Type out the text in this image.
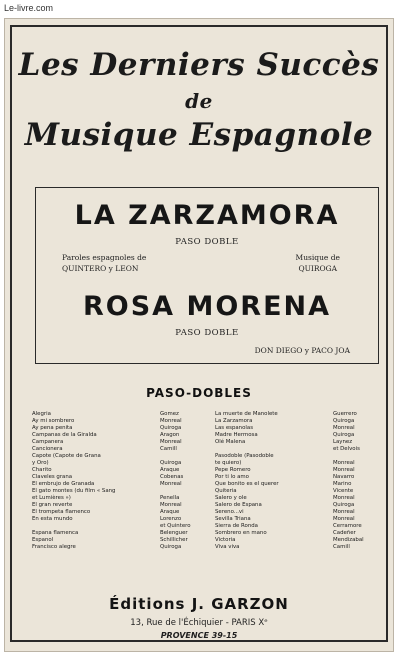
Le-livre.com
Les Derniers Succès
de
Musique Espagnole
LA ZARZAMORA
PASO DOBLE
Paroles espagnoles de
QUINTERO y LEON
Musique de
QUIROGA
ROSA MORENA
PASO DOBLE
DON DIEGO y PACO JOA
PASO-DOBLES
Alegria	Gomez
Ay mi sombrero	Monreal
Ay pena penita	Quiroga
Campanas de la Giralda	Aragon
Campanera	Monreal
Cancionera	Camill
Capote (Capote de Grana
y Oro)	Quiroga
Charito	Araque
Claveles grana	Cobenas
El embrujo de Granada	Monreal
El gato montes (du film « Sang
et Lumières »)	Penella
El gran reverte	Monreal
El trompeta flamenco	Araque
En esta mundo	Lorenzo
et Quintero
Espana flamenca	Belenguer
Espanol	Schillicher
Francisco alegre	Quiroga
La muerte de Manolete	Guerrero
La Zarzamora	Quiroga
Las espanolas	Monreal
Madre Hermosa	Quiroga
Olé Malena	Laynez
et Delvois
Pasodoble (Pasodoble
te quiero)	Monreal
Pepe Romero	Monreal
Por ti lo amo	Navarro
Que bonito es el querer	Marino
Quiteria	Vicente
Salero y ole	Monreal
Salero de Espana	Quiroga
Sereno...vi	Monreal
Sevilla Triana	Monreal
Sierra de Ronda	Cerramore
Sombrero en mano	Cadeñer
Victoria	Mendizabal
Viva viva	Camill
Éditions J. GARZON
13, Rue de l'Échiquier - PARIS Xᵉ
PROVENCE 39-15
